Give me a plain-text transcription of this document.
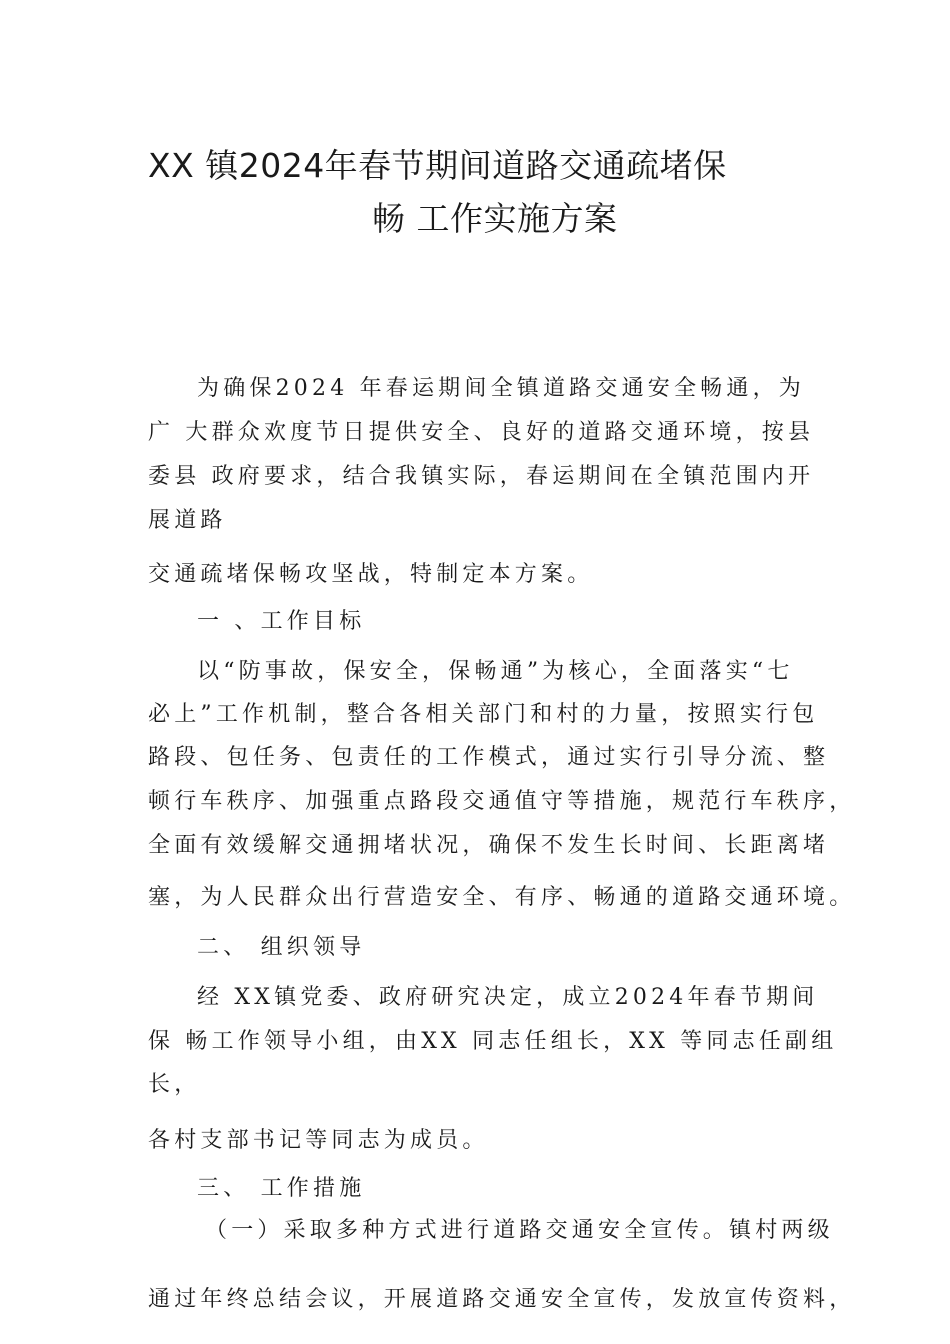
XX 镇2024年春节期间道路交通疏堵保
畅 工作实施方案
为确保2024 年春运期间全镇道路交通安全畅通，为
广 大群众欢度节日提供安全、良好的道路交通环境，按县
委县 政府要求，结合我镇实际，春运期间在全镇范围内开
展道路
交通疏堵保畅攻坚战，特制定本方案。
一 、工作目标
以“防事故，保安全，保畅通”为核心，全面落实“七
必上”工作机制，整合各相关部门和村的力量，按照实行包
路段、包任务、包责任的工作模式，通过实行引导分流、整
顿行车秩序、加强重点路段交通值守等措施，规范行车秩序，
全面有效缓解交通拥堵状况，确保不发生长时间、长距离堵
塞，为人民群众出行营造安全、有序、畅通的道路交通环境。
二、 组织领导
经 XX镇党委、政府研究决定，成立2024年春节期间
保 畅工作领导小组，由XX 同志任组长，XX 等同志任副组
长，
各村支部书记等同志为成员。
三、 工作措施
（一）采取多种方式进行道路交通安全宣传。镇村两级
通过年终总结会议，开展道路交通安全宣传，发放宣传资料，
